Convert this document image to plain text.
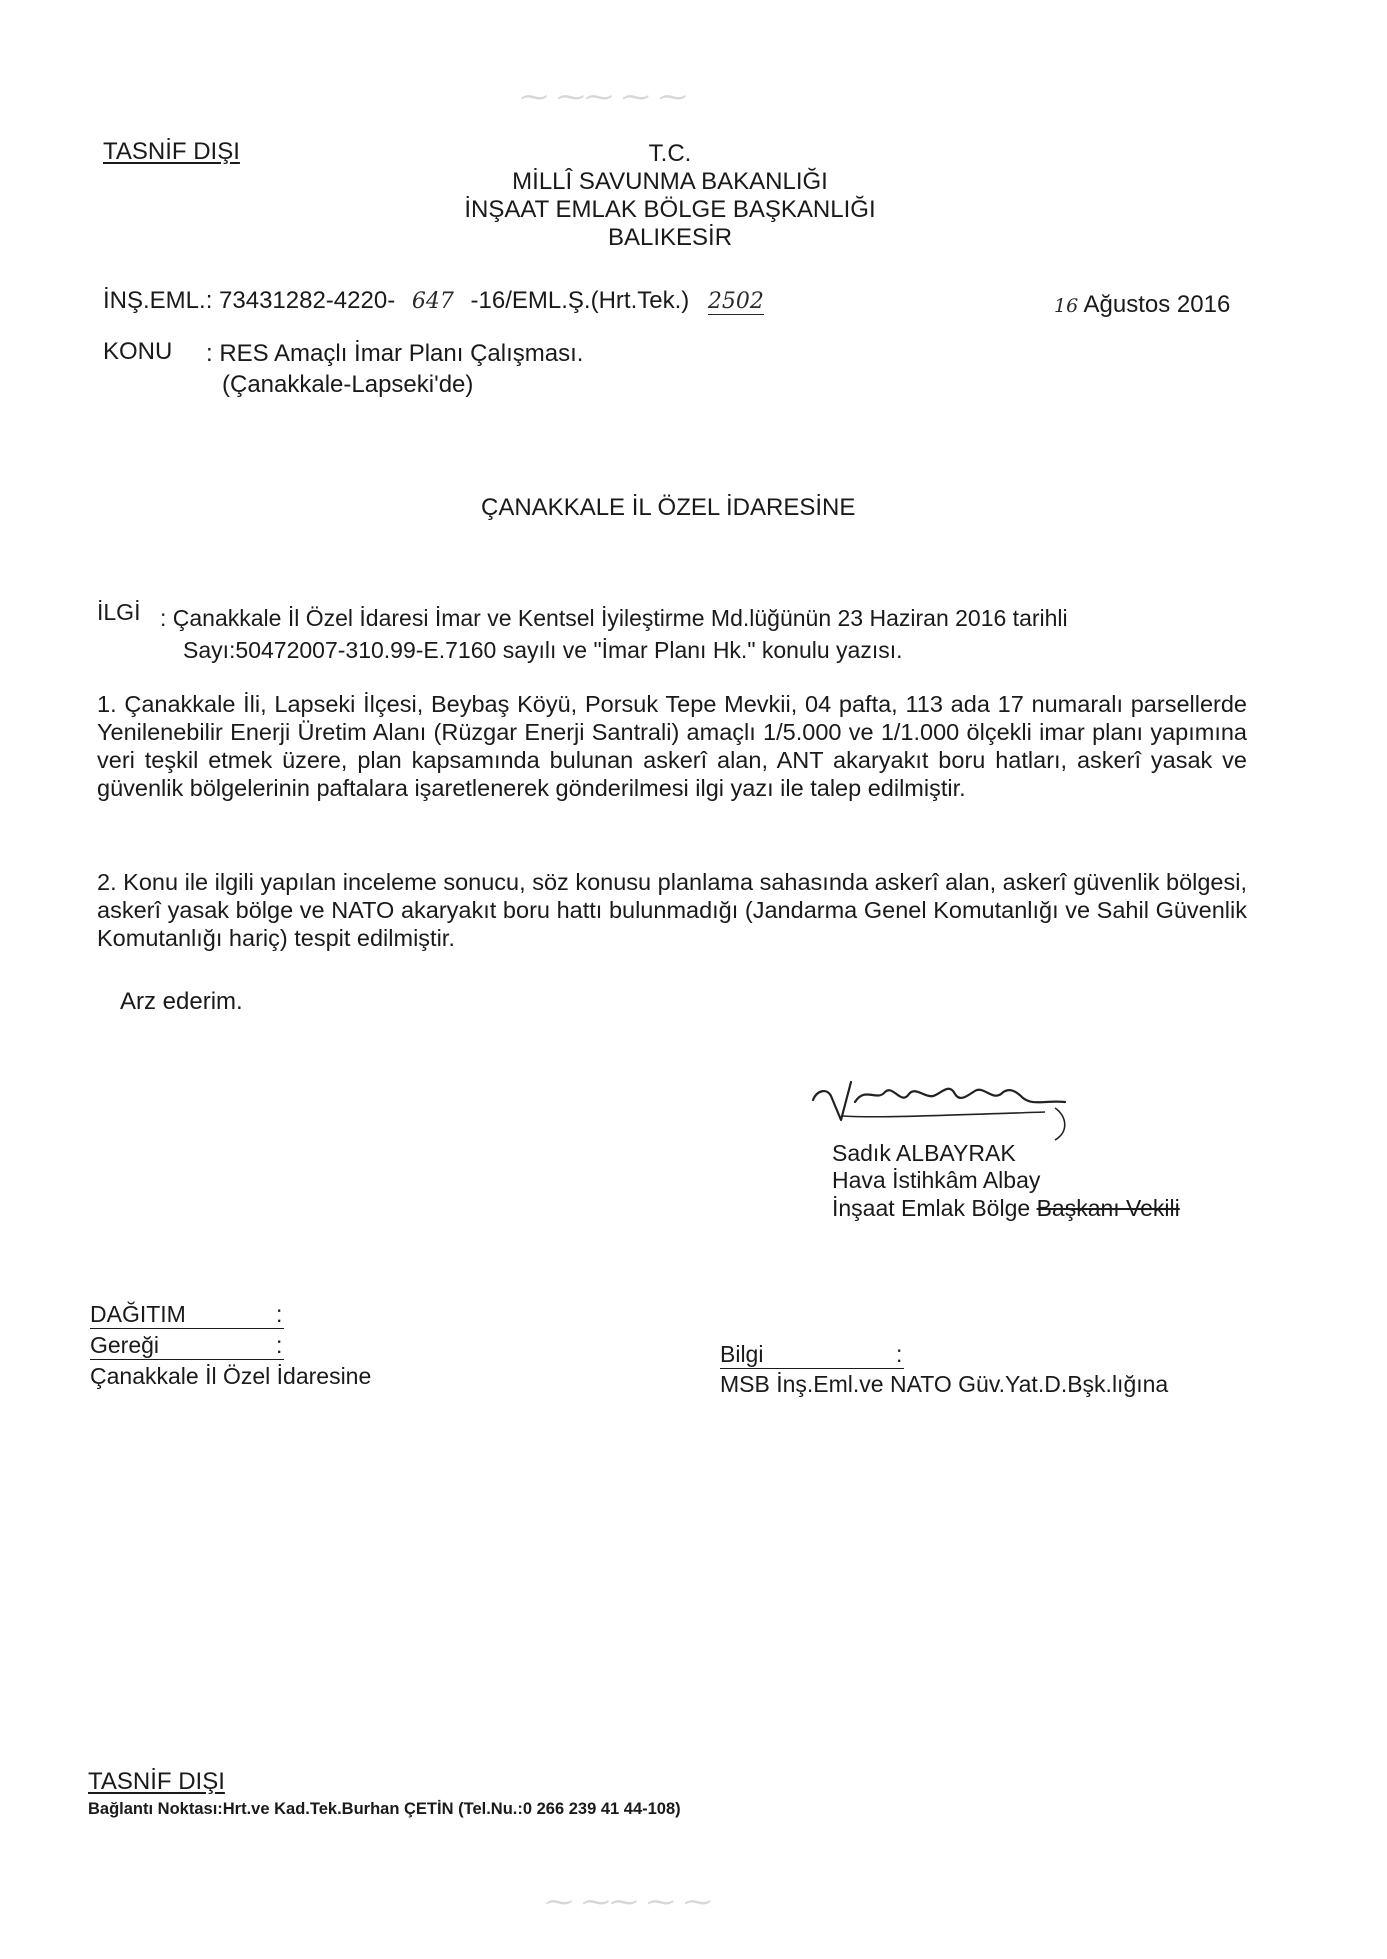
⁓ ⁓⁓ ⁓ ⁓
⁓ ⁓⁓ ⁓ ⁓
TASNİF DIŞI	T.C.
MİLLÎ SAVUNMA BAKANLIĞI
İNŞAAT EMLAK BÖLGE BAŞKANLIĞI
BALIKESİR
İNŞ.EML.: 73431282-4220- 647 -16/EML.Ş.(Hrt.Tek.) 2502	16 Ağustos 2016
KONU : RES Amaçlı İmar Planı Çalışması.
(Çanakkale-Lapseki'de)
ÇANAKKALE İL ÖZEL İDARESİNE
İLGİ : Çanakkale İl Özel İdaresi İmar ve Kentsel İyileştirme Md.lüğünün 23 Haziran 2016 tarihli
Sayı:50472007-310.99-E.7160 sayılı ve "İmar Planı Hk." konulu yazısı.
1. Çanakkale İli, Lapseki İlçesi, Beybaş Köyü, Porsuk Tepe Mevkii, 04 pafta, 113 ada 17 numaralı parsellerde Yenilenebilir Enerji Üretim Alanı (Rüzgar Enerji Santrali) amaçlı 1/5.000 ve 1/1.000 ölçekli imar planı yapımına veri teşkil etmek üzere, plan kapsamında bulunan askerî alan, ANT akaryakıt boru hatları, askerî yasak ve güvenlik bölgelerinin paftalara işaretlenerek gönderilmesi ilgi yazı ile talep edilmiştir.
2. Konu ile ilgili yapılan inceleme sonucu, söz konusu planlama sahasında askerî alan, askerî güvenlik bölgesi, askerî yasak bölge ve NATO akaryakıt boru hattı bulunmadığı (Jandarma Genel Komutanlığı ve Sahil Güvenlik Komutanlığı hariç) tespit edilmiştir.
Arz ederim.
Sadık ALBAYRAK
Hava İstihkâm Albay
İnşaat Emlak Bölge Başkanı Vekili
DAĞITIM	:
Gereği	:
Çanakkale İl Özel İdaresine
Bilgi	:
MSB İnş.Eml.ve NATO Güv.Yat.D.Bşk.lığına
TASNİF DIŞI
Bağlantı Noktası:Hrt.ve Kad.Tek.Burhan ÇETİN (Tel.Nu.:0 266 239 41 44-108)
